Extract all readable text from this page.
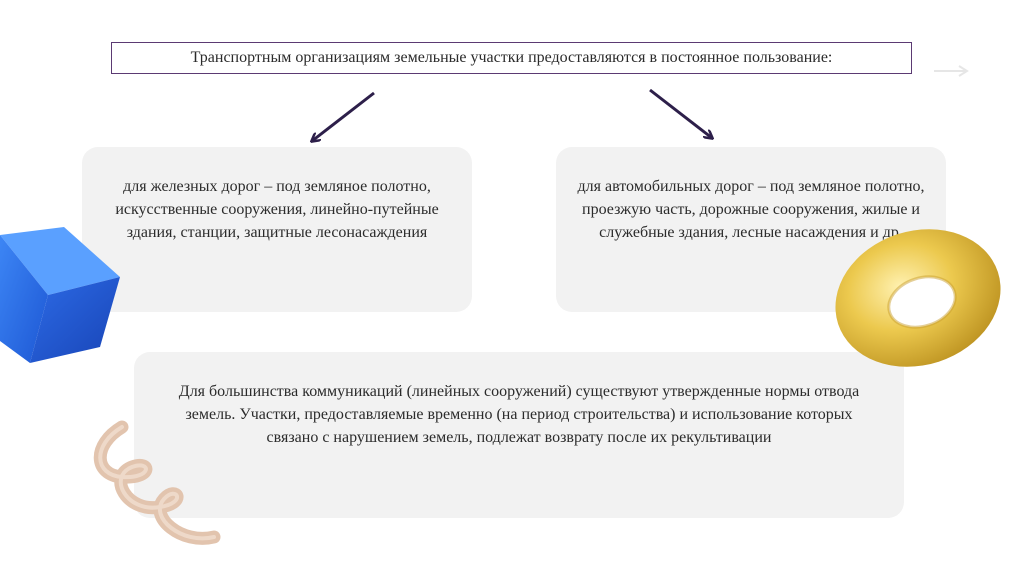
Транспортным организациям земельные участки предоставляются в постоянное пользование:

для железных дорог – под земляное полотно, искусственные сооружения, линейно-путейные здания, станции, защитные лесонасаждения

для автомобильных дорог – под земляное полотно, проезжую часть, дорожные сооружения, жилые и служебные здания, лесные насаждения и др.

Для большинства коммуникаций (линейных сооружений) существуют утвержденные нормы отвода земель. Участки, предоставляемые временно (на период строительства) и использование которых связано с нарушением земель, подлежат возврату после их рекультивации
